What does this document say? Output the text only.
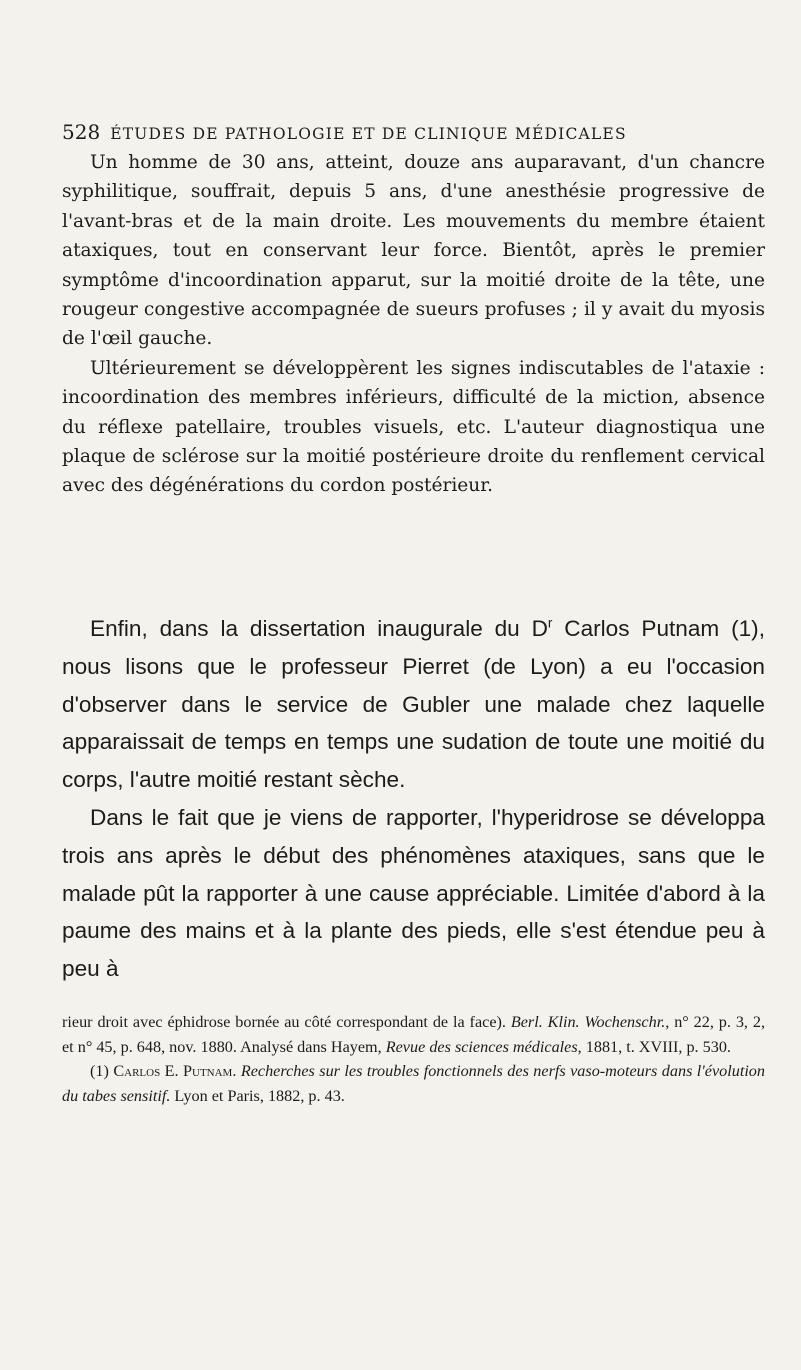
528 ÉTUDES DE PATHOLOGIE ET DE CLINIQUE MÉDICALES

Un homme de 30 ans, atteint, douze ans auparavant, d'un chancre syphilitique, souffrait, depuis 5 ans, d'une anesthésie progressive de l'avant-bras et de la main droite. Les mouvements du membre étaient ataxiques, tout en conservant leur force. Bientôt, après le premier symptôme d'incoordination apparut, sur la moitié droite de la tête, une rougeur congestive accompagnée de sueurs profuses ; il y avait du myosis de l'œil gauche.

Ultérieurement se développèrent les signes indiscutables de l'ataxie : incoordination des membres inférieurs, difficulté de la miction, absence du réflexe patellaire, troubles visuels, etc. L'auteur diagnostiqua une plaque de sclérose sur la moitié postérieure droite du renflement cervical avec des dégénérations du cordon postérieur.

Enfin, dans la dissertation inaugurale du $D^r$ Carlos Putnam (1), nous lisons que le professeur Pierret (de Lyon) a eu l'occasion d'observer dans le service de Gubler une malade chez laquelle apparaissait de temps en temps une sudation de toute une moitié du corps, l'autre moitié restant sèche.

Dans le fait que je viens de rapporter, l'hyperidrose se développa trois ans après le début des phénomènes ataxiques, sans que le malade pût la rapporter à une cause appréciable. Limitée d'abord à la paume des mains et à la plante des pieds, elle s'est étendue peu à peu à

rieur droit avec éphidrose bornée au côté correspondant de la face). Berl. Klin. Wochenschr., n° 22, p. 3, 2, et n° 45, p. 648, nov. 1880. Analysé dans Hayem, Revue des sciences médicales, 1881, t. XVIII, p. 530.

(1) Carlos E. Putnam. Recherches sur les troubles fonctionnels des nerfs vaso-moteurs dans l'évolution du tabes sensitif. Lyon et Paris, 1882, p. 43.
